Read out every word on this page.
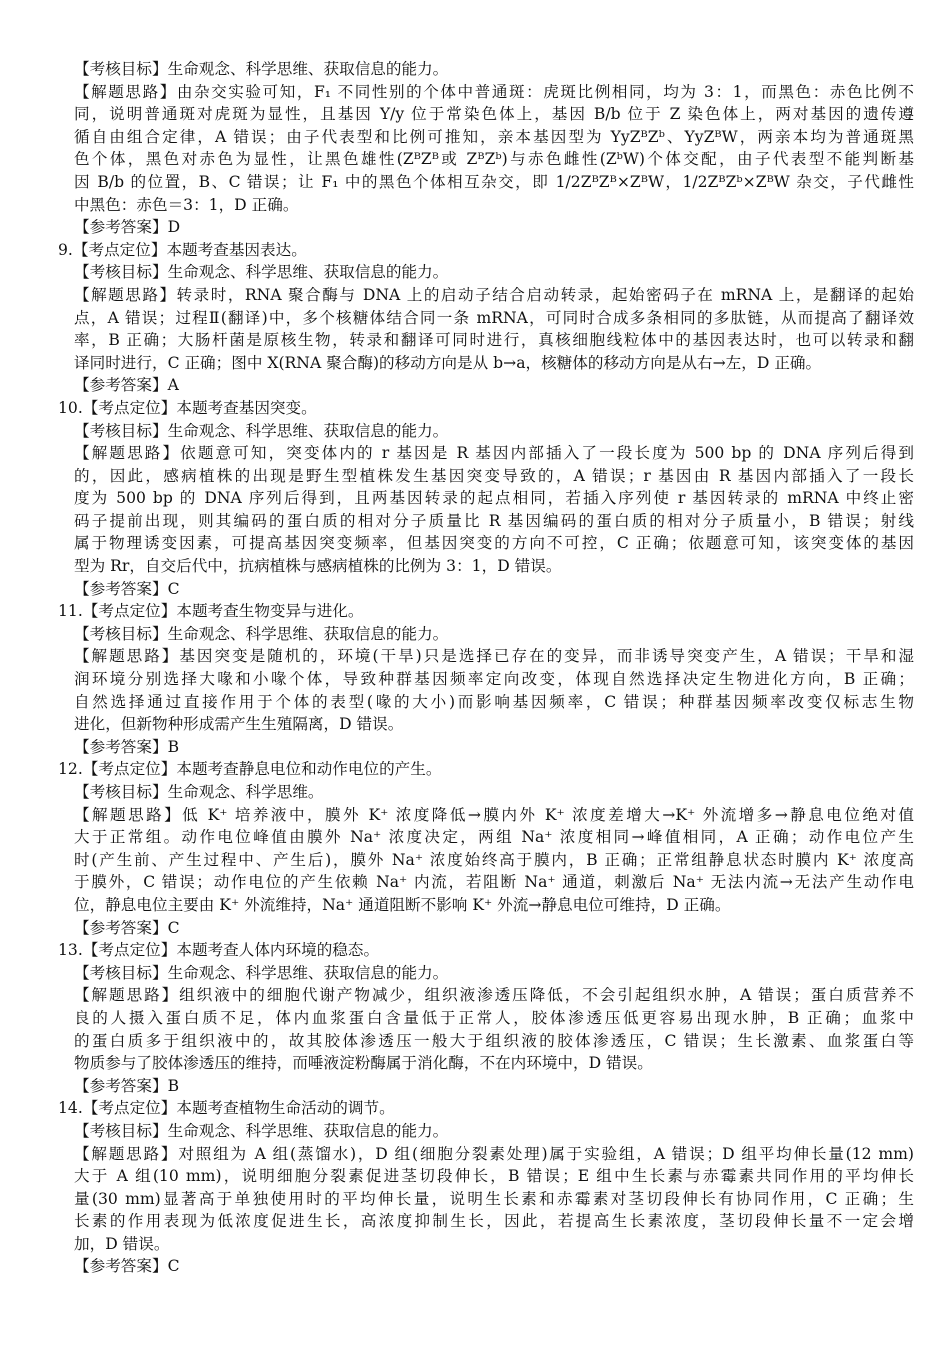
【考核目标】生命观念、科学思维、获取信息的能力。
【解题思路】由杂交实验可知，F₁ 不同性别的个体中普通斑：虎斑比例相同，均为 3：1，而黑色：赤色比例不
同，说明普通斑对虎斑为显性，且基因 Y/y 位于常染色体上，基因 B/b 位于 Z 染色体上，两对基因的遗传遵
循自由组合定律，A 错误；由子代表型和比例可推知，亲本基因型为 YyZᴮZᵇ、YyZᴮW，两亲本均为普通斑黑
色个体，黑色对赤色为显性，让黑色雄性(ZᴮZᴮ或 ZᴮZᵇ)与赤色雌性(ZᵇW)个体交配，由子代表型不能判断基
因 B/b 的位置，B、C 错误；让 F₁ 中的黑色个体相互杂交，即 1/2ZᴮZᴮ×ZᴮW，1/2ZᴮZᵇ×ZᴮW 杂交，子代雌性
中黑色：赤色＝3：1，D 正确。
【参考答案】D
9.【考点定位】本题考查基因表达。
【考核目标】生命观念、科学思维、获取信息的能力。
【解题思路】转录时，RNA 聚合酶与 DNA 上的启动子结合启动转录，起始密码子在 mRNA 上，是翻译的起始
点，A 错误；过程Ⅱ(翻译)中，多个核糖体结合同一条 mRNA，可同时合成多条相同的多肽链，从而提高了翻译效
率，B 正确；大肠杆菌是原核生物，转录和翻译可同时进行，真核细胞线粒体中的基因表达时，也可以转录和翻
译同时进行，C 正确；图中 X(RNA 聚合酶)的移动方向是从 b→a，核糖体的移动方向是从右→左，D 正确。
【参考答案】A
10.【考点定位】本题考查基因突变。
【考核目标】生命观念、科学思维、获取信息的能力。
【解题思路】依题意可知，突变体内的 r 基因是 R 基因内部插入了一段长度为 500 bp 的 DNA 序列后得到
的，因此，感病植株的出现是野生型植株发生基因突变导致的，A 错误；r 基因由 R 基因内部插入了一段长
度为 500 bp 的 DNA 序列后得到，且两基因转录的起点相同，若插入序列使 r 基因转录的 mRNA 中终止密
码子提前出现，则其编码的蛋白质的相对分子质量比 R 基因编码的蛋白质的相对分子质量小，B 错误；射线
属于物理诱变因素，可提高基因突变频率，但基因突变的方向不可控，C 正确；依题意可知，该突变体的基因
型为 Rr，自交后代中，抗病植株与感病植株的比例为 3：1，D 错误。
【参考答案】C
11.【考点定位】本题考查生物变异与进化。
【考核目标】生命观念、科学思维、获取信息的能力。
【解题思路】基因突变是随机的，环境(干旱)只是选择已存在的变异，而非诱导突变产生，A 错误；干旱和湿
润环境分别选择大喙和小喙个体，导致种群基因频率定向改变，体现自然选择决定生物进化方向，B 正确；
自然选择通过直接作用于个体的表型(喙的大小)而影响基因频率，C 错误；种群基因频率改变仅标志生物
进化，但新物种形成需产生生殖隔离，D 错误。
【参考答案】B
12.【考点定位】本题考查静息电位和动作电位的产生。
【考核目标】生命观念、科学思维。
【解题思路】低 K⁺ 培养液中，膜外 K⁺ 浓度降低→膜内外 K⁺ 浓度差增大→K⁺ 外流增多→静息电位绝对值
大于正常组。动作电位峰值由膜外 Na⁺ 浓度决定，两组 Na⁺ 浓度相同→峰值相同，A 正确；动作电位产生
时(产生前、产生过程中、产生后)，膜外 Na⁺ 浓度始终高于膜内，B 正确；正常组静息状态时膜内 K⁺ 浓度高
于膜外，C 错误；动作电位的产生依赖 Na⁺ 内流，若阻断 Na⁺ 通道，刺激后 Na⁺ 无法内流→无法产生动作电
位，静息电位主要由 K⁺ 外流维持，Na⁺ 通道阻断不影响 K⁺ 外流→静息电位可维持，D 正确。
【参考答案】C
13.【考点定位】本题考查人体内环境的稳态。
【考核目标】生命观念、科学思维、获取信息的能力。
【解题思路】组织液中的细胞代谢产物减少，组织液渗透压降低，不会引起组织水肿，A 错误；蛋白质营养不
良的人摄入蛋白质不足，体内血浆蛋白含量低于正常人，胶体渗透压低更容易出现水肿，B 正确；血浆中
的蛋白质多于组织液中的，故其胶体渗透压一般大于组织液的胶体渗透压，C 错误；生长激素、血浆蛋白等
物质参与了胶体渗透压的维持，而唾液淀粉酶属于消化酶，不在内环境中，D 错误。
【参考答案】B
14.【考点定位】本题考查植物生命活动的调节。
【考核目标】生命观念、科学思维、获取信息的能力。
【解题思路】对照组为 A 组(蒸馏水)，D 组(细胞分裂素处理)属于实验组，A 错误；D 组平均伸长量(12 mm)
大于 A 组(10 mm)，说明细胞分裂素促进茎切段伸长，B 错误；E 组中生长素与赤霉素共同作用的平均伸长
量(30 mm)显著高于单独使用时的平均伸长量，说明生长素和赤霉素对茎切段伸长有协同作用，C 正确；生
长素的作用表现为低浓度促进生长，高浓度抑制生长，因此，若提高生长素浓度，茎切段伸长量不一定会增
加，D 错误。
【参考答案】C
